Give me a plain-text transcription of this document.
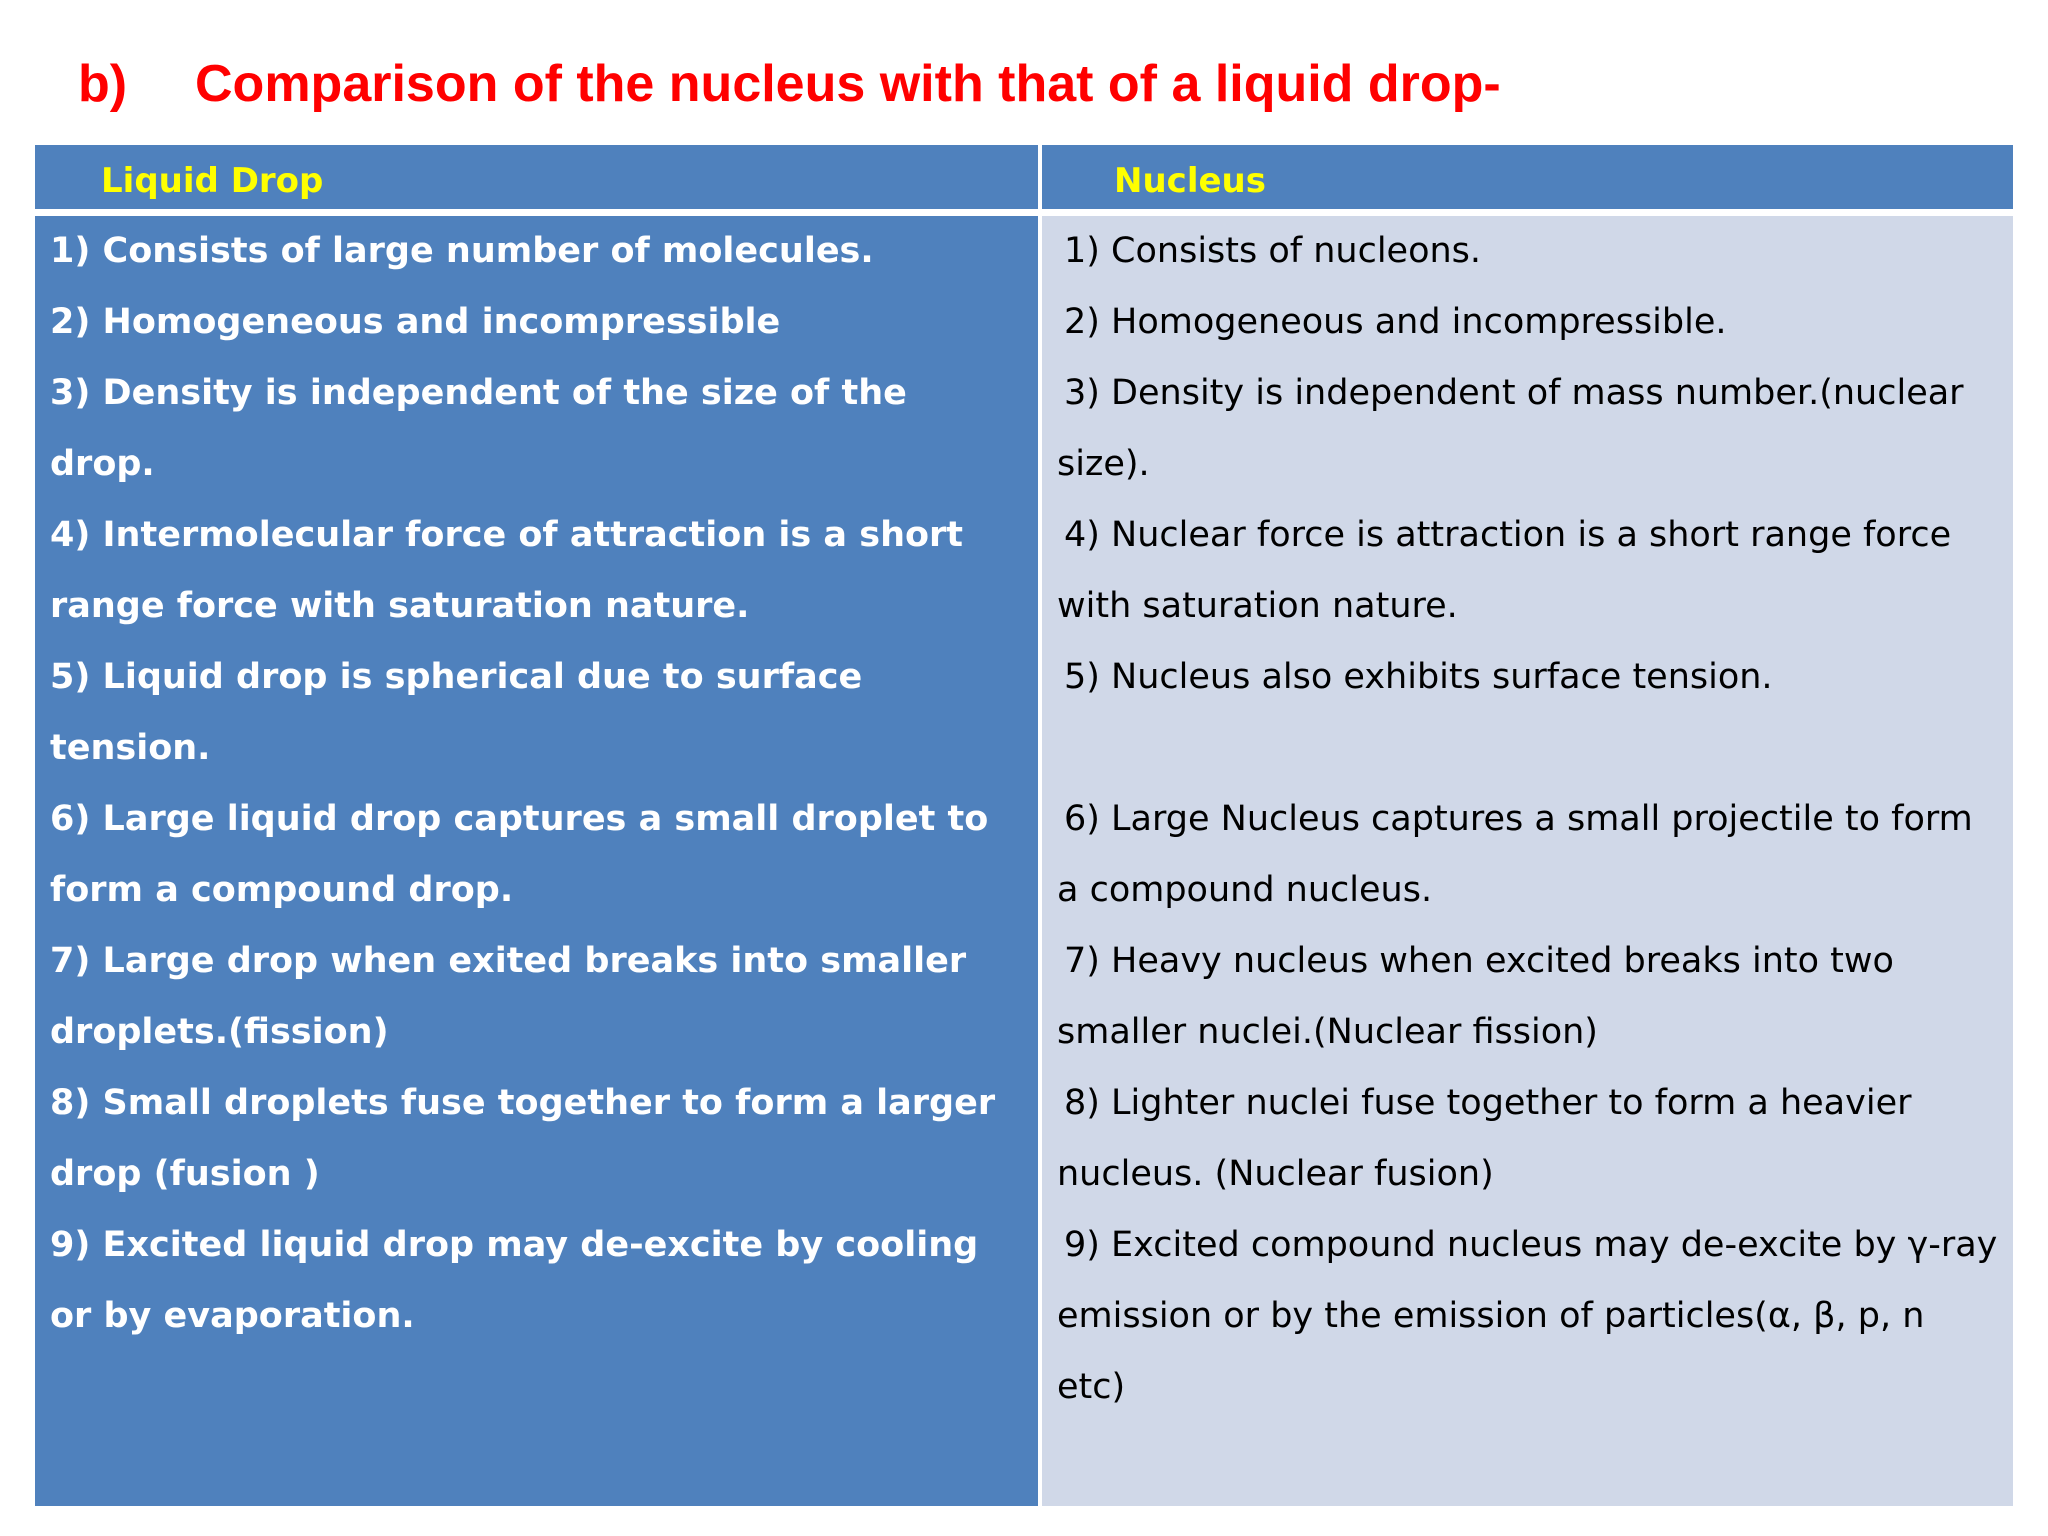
b) Comparison of the nucleus with that of a liquid drop-
Liquid Drop	Nucleus

1) Consists of large number of molecules.

2) Homogeneous and incompressible

3) Density is independent of the size of the drop.

4) Intermolecular force of attraction is a short range force with saturation nature.

5) Liquid drop is spherical due to surface tension.

6) Large liquid drop captures a small droplet to form a compound drop.

7) Large drop when exited breaks into smaller droplets.(fission)

8) Small droplets fuse together to form a larger drop (fusion )

9) Excited liquid drop may de-excite by cooling or by evaporation.

1) Consists of nucleons.

2) Homogeneous and incompressible.

3) Density is independent of mass number.(nuclear size).

4) Nuclear force is attraction is a short range force with saturation nature.

5) Nucleus also exhibits surface tension.

6) Large Nucleus captures a small projectile to form a compound nucleus.

7) Heavy nucleus when excited breaks into two smaller nuclei.(Nuclear fission)

8) Lighter nuclei fuse together to form a heavier nucleus. (Nuclear fusion)

9) Excited compound nucleus may de-excite by γ-ray emission or by the emission of particles(α, β, p, n etc)
